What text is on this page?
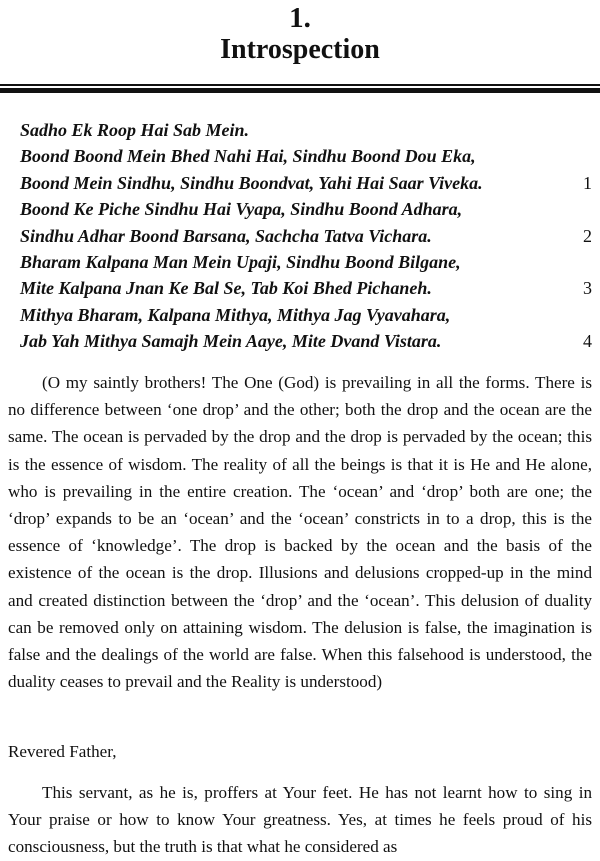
1.
Introspection
Sadho Ek Roop Hai Sab Mein.
Boond Boond Mein Bhed Nahi Hai, Sindhu Boond Dou Eka,
Boond Mein Sindhu, Sindhu Boondvat, Yahi Hai Saar Viveka.	1
Boond Ke Piche Sindhu Hai Vyapa, Sindhu Boond Adhara,
Sindhu Adhar Boond Barsana, Sachcha Tatva Vichara.	2
Bharam Kalpana Man Mein Upaji, Sindhu Boond Bilgane,
Mite Kalpana Jnan Ke Bal Se, Tab Koi Bhed Pichaneh.	3
Mithya Bharam, Kalpana Mithya, Mithya Jag Vyavahara,
Jab Yah Mithya Samajh Mein Aaye, Mite Dvand Vistara.	4

(O my saintly brothers! The One (God) is prevailing in all the forms. There is no difference between ‘one drop’ and the other; both the drop and the ocean are the same. The ocean is pervaded by the drop and the drop is pervaded by the ocean; this is the essence of wisdom. The reality of all the beings is that it is He and He alone, who is prevailing in the entire creation. The ‘ocean’ and ‘drop’ both are one; the ‘drop’ expands to be an ‘ocean’ and the ‘ocean’ constricts in to a drop, this is the essence of ‘knowledge’. The drop is backed by the ocean and the basis of the existence of the ocean is the drop. Illusions and delusions cropped-up in the mind and created distinction between the ‘drop’ and the ‘ocean’. This delusion of duality can be removed only on attaining wisdom. The delusion is false, the imagination is false and the dealings of the world are false. When this falsehood is understood, the duality ceases to prevail and the Reality is understood)

Revered Father,

This servant, as he is, proffers at Your feet. He has not learnt how to sing in Your praise or how to know Your greatness. Yes, at times he feels proud of his consciousness, but the truth is that what he considered as
